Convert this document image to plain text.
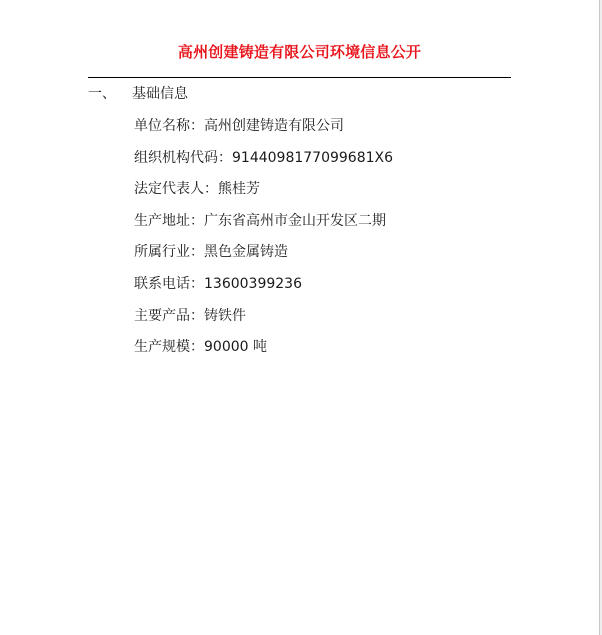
高州创建铸造有限公司环境信息公开
一、 基础信息
单位名称：高州创建铸造有限公司
组织机构代码：9144098177099681X6
法定代表人：熊桂芳
生产地址：广东省高州市金山开发区二期
所属行业：黑色金属铸造
联系电话：13600399236
主要产品：铸铁件
生产规模：90000 吨
